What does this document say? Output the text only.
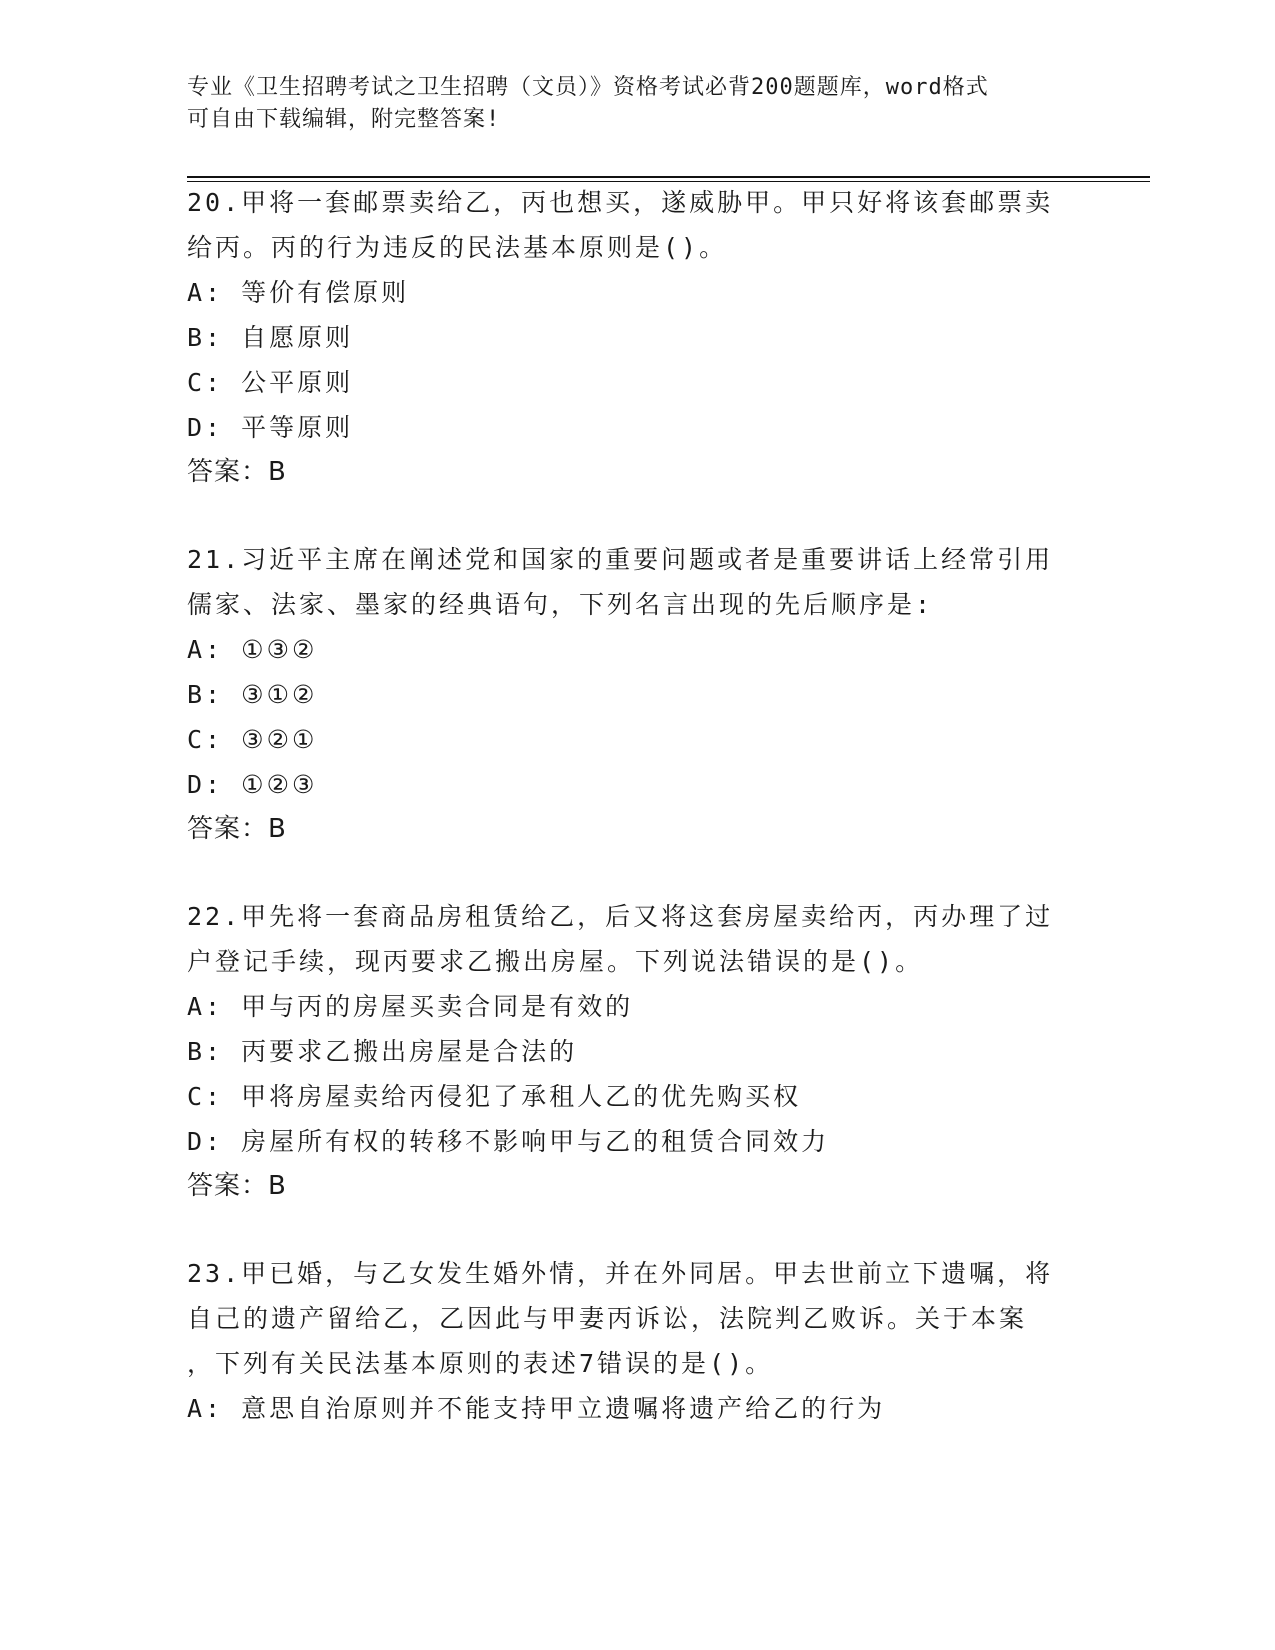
专业《卫生招聘考试之卫生招聘（文员）》资格考试必背200题题库，word格式
可自由下载编辑，附完整答案!
20.甲将一套邮票卖给乙，丙也想买，遂威胁甲。甲只好将该套邮票卖
给丙。丙的行为违反的民法基本原则是()。
A: 等价有偿原则
B: 自愿原则
C: 公平原则
D: 平等原则
答案：B
21.习近平主席在阐述党和国家的重要问题或者是重要讲话上经常引用
儒家、法家、墨家的经典语句，下列名言出现的先后顺序是:
A: ①③②
B: ③①②
C: ③②①
D: ①②③
答案：B
22.甲先将一套商品房租赁给乙，后又将这套房屋卖给丙，丙办理了过
户登记手续，现丙要求乙搬出房屋。下列说法错误的是()。
A: 甲与丙的房屋买卖合同是有效的
B: 丙要求乙搬出房屋是合法的
C: 甲将房屋卖给丙侵犯了承租人乙的优先购买权
D: 房屋所有权的转移不影响甲与乙的租赁合同效力
答案：B
23.甲已婚，与乙女发生婚外情，并在外同居。甲去世前立下遗嘱，将
自己的遗产留给乙，乙因此与甲妻丙诉讼，法院判乙败诉。关于本案
，下列有关民法基本原则的表述7错误的是()。
A: 意思自治原则并不能支持甲立遗嘱将遗产给乙的行为
